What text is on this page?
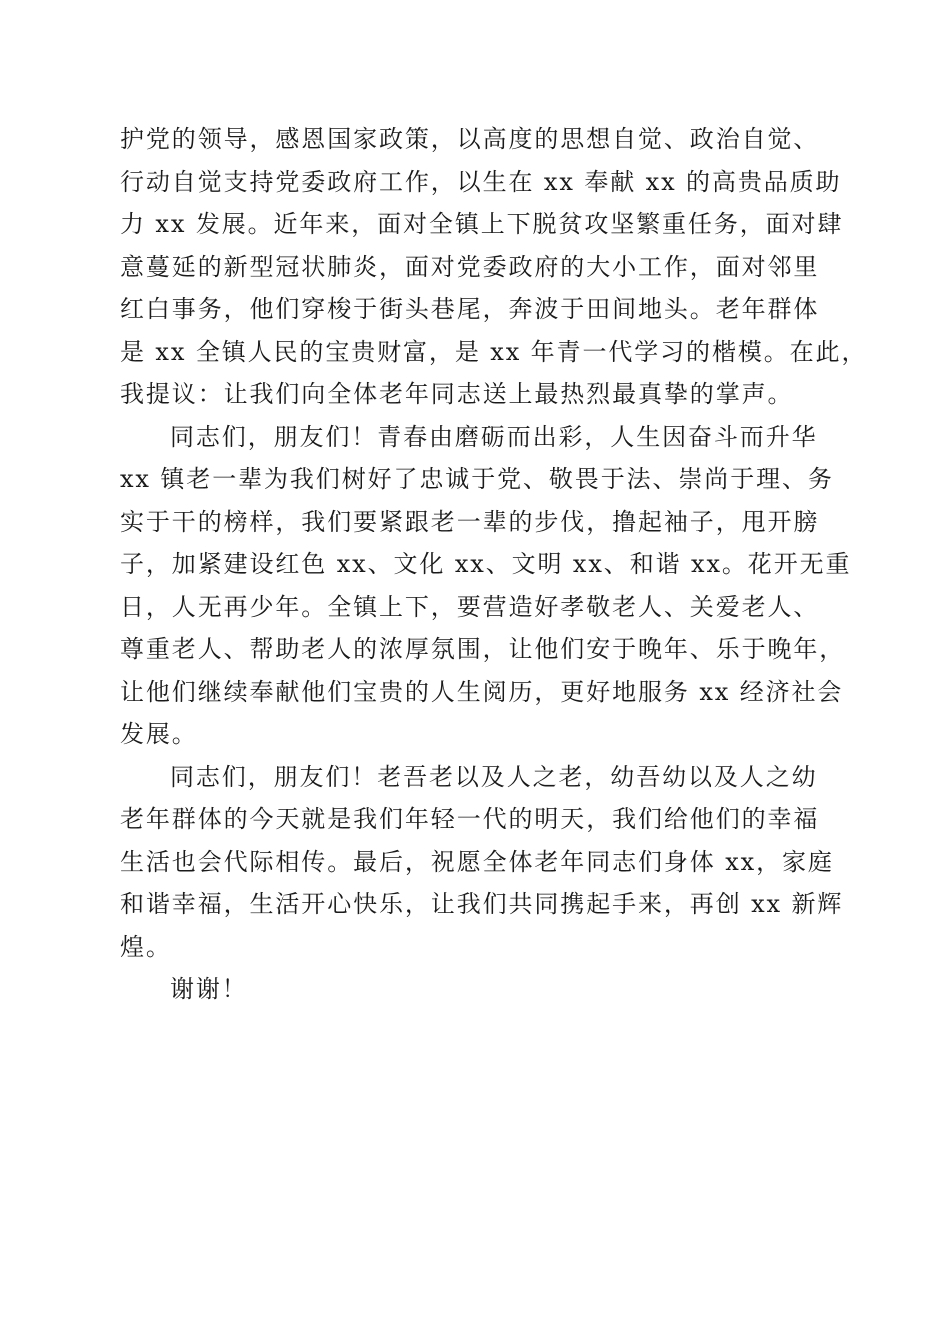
护党的领导，感恩国家政策，以高度的思想自觉、政治自觉、
行动自觉支持党委政府工作，以生在 xx 奉献 xx 的高贵品质助
力 xx 发展。近年来，面对全镇上下脱贫攻坚繁重任务，面对肆
意蔓延的新型冠状肺炎，面对党委政府的大小工作，面对邻里
红白事务，他们穿梭于街头巷尾，奔波于田间地头。老年群体
是 xx 全镇人民的宝贵财富，是 xx 年青一代学习的楷模。在此，
我提议：让我们向全体老年同志送上最热烈最真挚的掌声。
同志们，朋友们！青春由磨砺而出彩，人生因奋斗而升华
xx 镇老一辈为我们树好了忠诚于党、敬畏于法、崇尚于理、务
实于干的榜样，我们要紧跟老一辈的步伐，撸起袖子，甩开膀
子，加紧建设红色 xx、文化 xx、文明 xx、和谐 xx。花开无重
日，人无再少年。全镇上下，要营造好孝敬老人、关爱老人、
尊重老人、帮助老人的浓厚氛围，让他们安于晚年、乐于晚年，
让他们继续奉献他们宝贵的人生阅历，更好地服务 xx 经济社会
发展。
同志们，朋友们！老吾老以及人之老，幼吾幼以及人之幼
老年群体的今天就是我们年轻一代的明天，我们给他们的幸福
生活也会代际相传。最后，祝愿全体老年同志们身体 xx，家庭
和谐幸福，生活开心快乐，让我们共同携起手来，再创 xx 新辉
煌。
谢谢！
